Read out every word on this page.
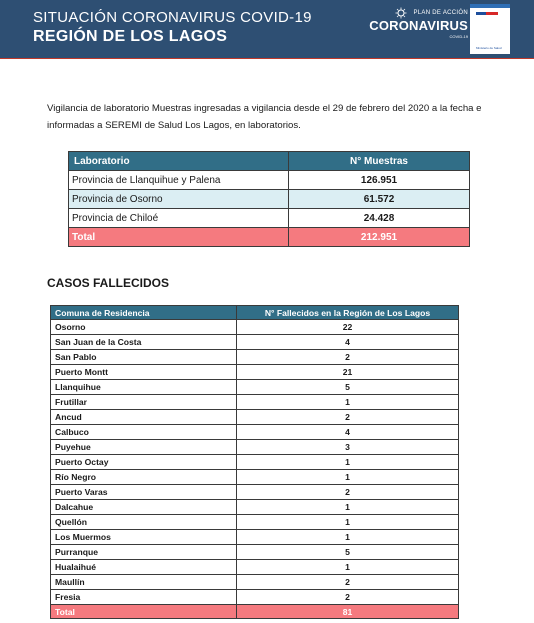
SITUACIÓN CORONAVIRUS COVID-19
REGIÓN DE LOS LAGOS
PLAN DE ACCIÓN
CORONAVIRUS
COVID-19
Ministerio de Salud

Vigilancia de laboratorio Muestras ingresadas a vigilancia desde el 29 de febrero del 2020 a la fecha e informadas a SEREMI de Salud Los Lagos, en laboratorios.

Laboratorio	N° Muestras
Provincia de Llanquihue y Palena	126.951
Provincia de Osorno	61.572
Provincia de Chiloé	24.428
Total	212.951
CASOS FALLECIDOS
Comuna de Residencia	N° Fallecidos en la Región de Los Lagos
Osorno	22
San Juan de la Costa	4
San Pablo	2
Puerto Montt	21
Llanquihue	5
Frutillar	1
Ancud	2
Calbuco	4
Puyehue	3
Puerto Octay	1
Río Negro	1
Puerto Varas	2
Dalcahue	1
Quellón	1
Los Muermos	1
Purranque	5
Hualaihué	1
Maullín	2
Fresia	2
Total	81
